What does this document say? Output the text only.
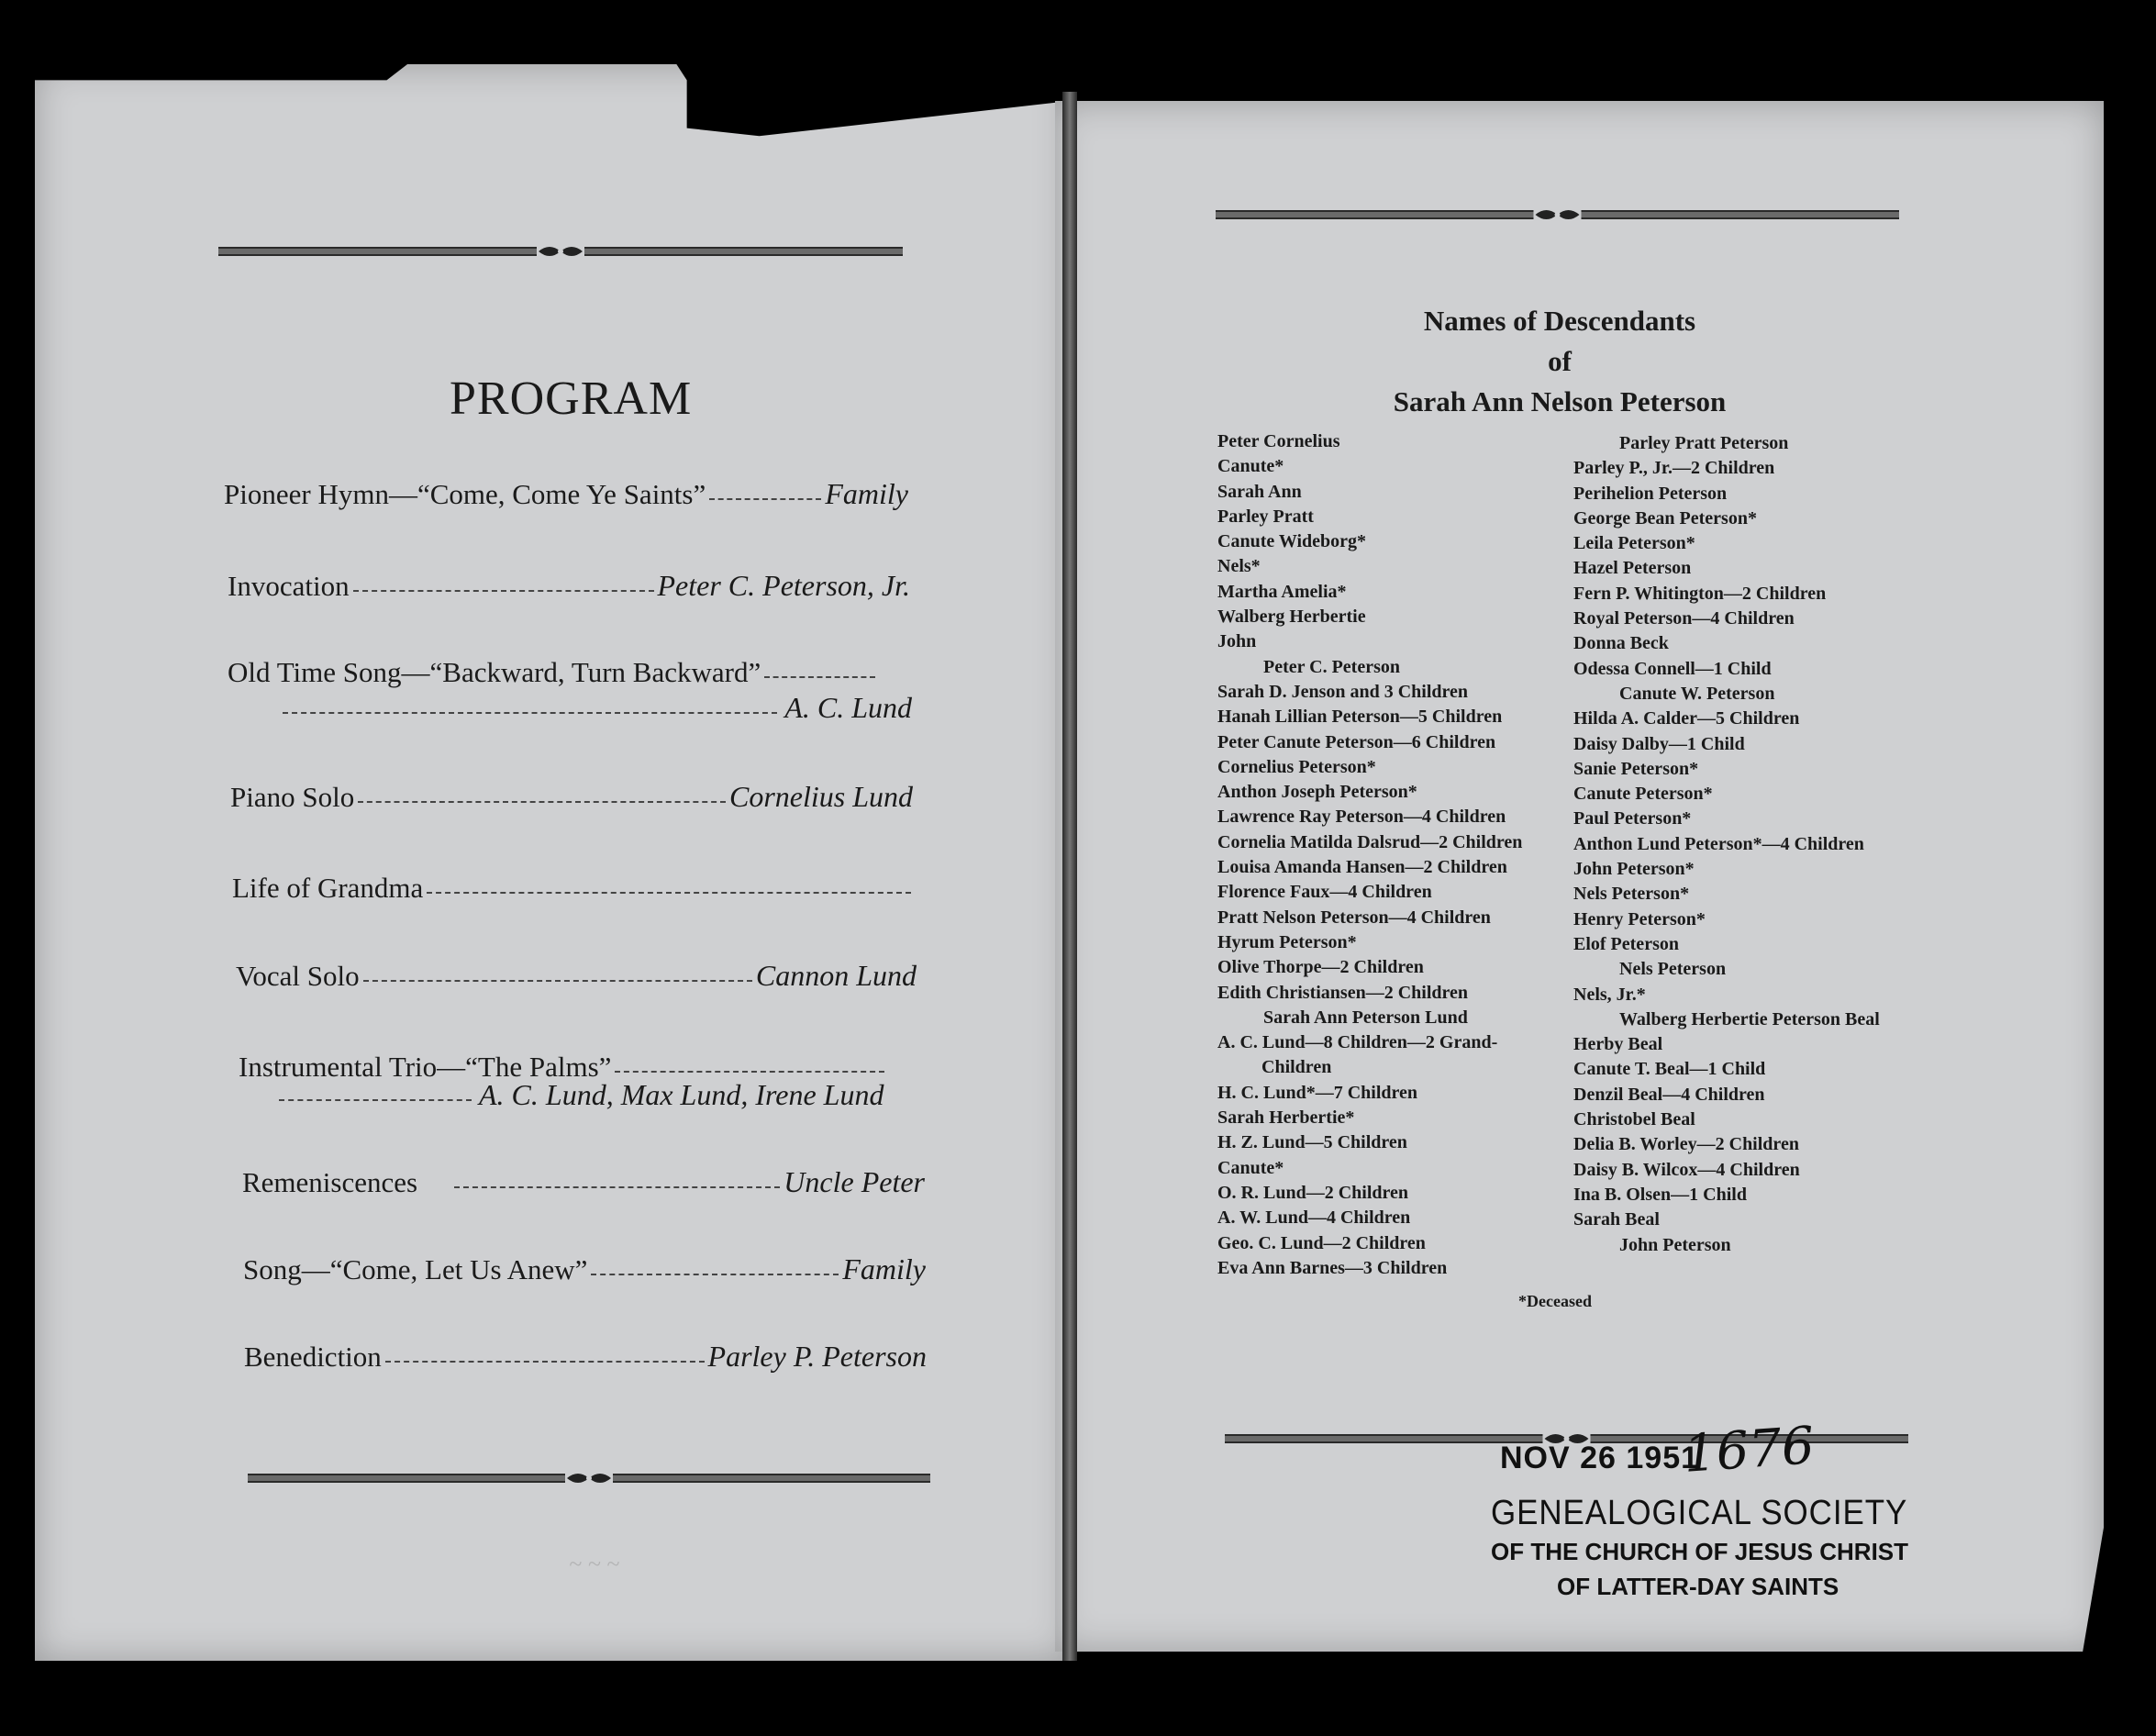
PROGRAM
Pioneer Hymn—“Come, Come Ye Saints”	Family
Invocation	Peter C. Peterson, Jr.
Old Time Song—“Backward, Turn Backward”
A. C. Lund
Piano Solo	Cornelius Lund
Life of Grandma
Vocal Solo	Cannon Lund
Instrumental Trio—“The Palms”
A. C. Lund, Max Lund, Irene Lund
Remeniscences	Uncle Peter
Song—“Come, Let Us Anew”	Family
Benediction	Parley P. Peterson
~ ~ ~
Names of Descendants
of
Sarah Ann Nelson Peterson
Peter Cornelius
Canute*
Sarah Ann
Parley Pratt
Canute Wideborg*
Nels*
Martha Amelia*
Walberg Herbertie
John
Peter C. Peterson
Sarah D. Jenson and 3 Children
Hanah Lillian Peterson—5 Children
Peter Canute Peterson—6 Children
Cornelius Peterson*
Anthon Joseph Peterson*
Lawrence Ray Peterson—4 Children
Cornelia Matilda Dalsrud—2 Children
Louisa Amanda Hansen—2 Children
Florence Faux—4 Children
Pratt Nelson Peterson—4 Children
Hyrum Peterson*
Olive Thorpe—2 Children
Edith Christiansen—2 Children
Sarah Ann Peterson Lund
A. C. Lund—8 Children—2 Grand-
Children
H. C. Lund*—7 Children
Sarah Herbertie*
H. Z. Lund—5 Children
Canute*
O. R. Lund—2 Children
A. W. Lund—4 Children
Geo. C. Lund—2 Children
Eva Ann Barnes—3 Children
Parley Pratt Peterson
Parley P., Jr.—2 Children
Perihelion Peterson
George Bean Peterson*
Leila Peterson*
Hazel Peterson
Fern P. Whitington—2 Children
Royal Peterson—4 Children
Donna Beck
Odessa Connell—1 Child
Canute W. Peterson
Hilda A. Calder—5 Children
Daisy Dalby—1 Child
Sanie Peterson*
Canute Peterson*
Paul Peterson*
Anthon Lund Peterson*—4 Children
John Peterson*
Nels Peterson*
Henry Peterson*
Elof Peterson
Nels Peterson
Nels, Jr.*
Walberg Herbertie Peterson Beal
Herby Beal
Canute T. Beal—1 Child
Denzil Beal—4 Children
Christobel Beal
Delia B. Worley—2 Children
Daisy B. Wilcox—4 Children
Ina B. Olsen—1 Child
Sarah Beal
John Peterson
*Deceased
NOV 26 1951
1676
GENEALOGICAL SOCIETY
OF THE CHURCH OF JESUS CHRIST
OF LATTER-DAY SAINTS
